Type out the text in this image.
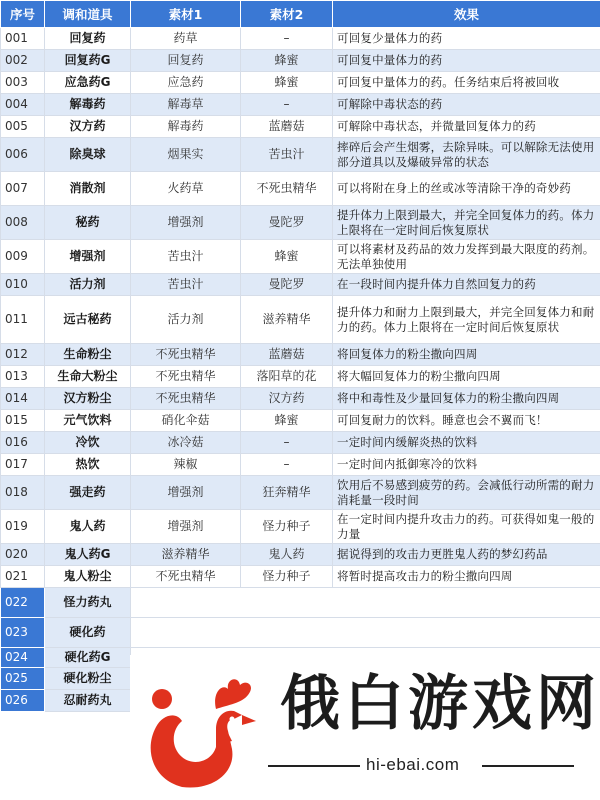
序号	调和道具	素材1	素材2	效果
001	回复药	药草	–	可回复少量体力的药
002	回复药G	回复药	蜂蜜	可回复中量体力的药
003	应急药G	应急药	蜂蜜	可回复中量体力的药。任务结束后将被回收
004	解毒药	解毒草	–	可解除中毒状态的药
005	汉方药	解毒药	蓝蘑菇	可解除中毒状态，并微量回复体力的药
006	除臭球	烟果实	苦虫汁	摔碎后会产生烟雾，去除异味。可以解除无法使用部分道具以及爆破异常的状态
007	消散剂	火药草	不死虫精华	可以将附在身上的丝或冰等清除干净的奇妙药
008	秘药	增强剂	曼陀罗	提升体力上限到最大，并完全回复体力的药。体力上限将在一定时间后恢复原状
009	增强剂	苦虫汁	蜂蜜	可以将素材及药品的效力发挥到最大限度的药剂。无法单独使用
010	活力剂	苦虫汁	曼陀罗	在一段时间内提升体力自然回复力的药
011	远古秘药	活力剂	滋养精华	提升体力和耐力上限到最大，并完全回复体力和耐力的药。体力上限将在一定时间后恢复原状
012	生命粉尘	不死虫精华	蓝蘑菇	将回复体力的粉尘撒向四周
013	生命大粉尘	不死虫精华	落阳草的花	将大幅回复体力的粉尘撒向四周
014	汉方粉尘	不死虫精华	汉方药	将中和毒性及少量回复体力的粉尘撒向四周
015	元气饮料	硝化伞菇	蜂蜜	可回复耐力的饮料。睡意也会不翼而飞！
016	冷饮	冰冷菇	–	一定时间内缓解炎热的饮料
017	热饮	辣椒	–	一定时间内抵御寒冷的饮料
018	强走药	增强剂	狂奔精华	饮用后不易感到疲劳的药。会减低行动所需的耐力消耗量一段时间
019	鬼人药	增强剂	怪力种子	在一定时间内提升攻击力的药。可获得如鬼一般的力量
020	鬼人药G	滋养精华	鬼人药	据说得到的攻击力更胜鬼人药的梦幻药品
021	鬼人粉尘	不死虫精华	怪力种子	将暂时提高攻击力的粉尘撒向四周
022	怪力药丸			
023	硬化药			
024	硬化药G			
025	硬化粉尘			
026	忍耐药丸				俄白游戏网
hi-ebai.com
